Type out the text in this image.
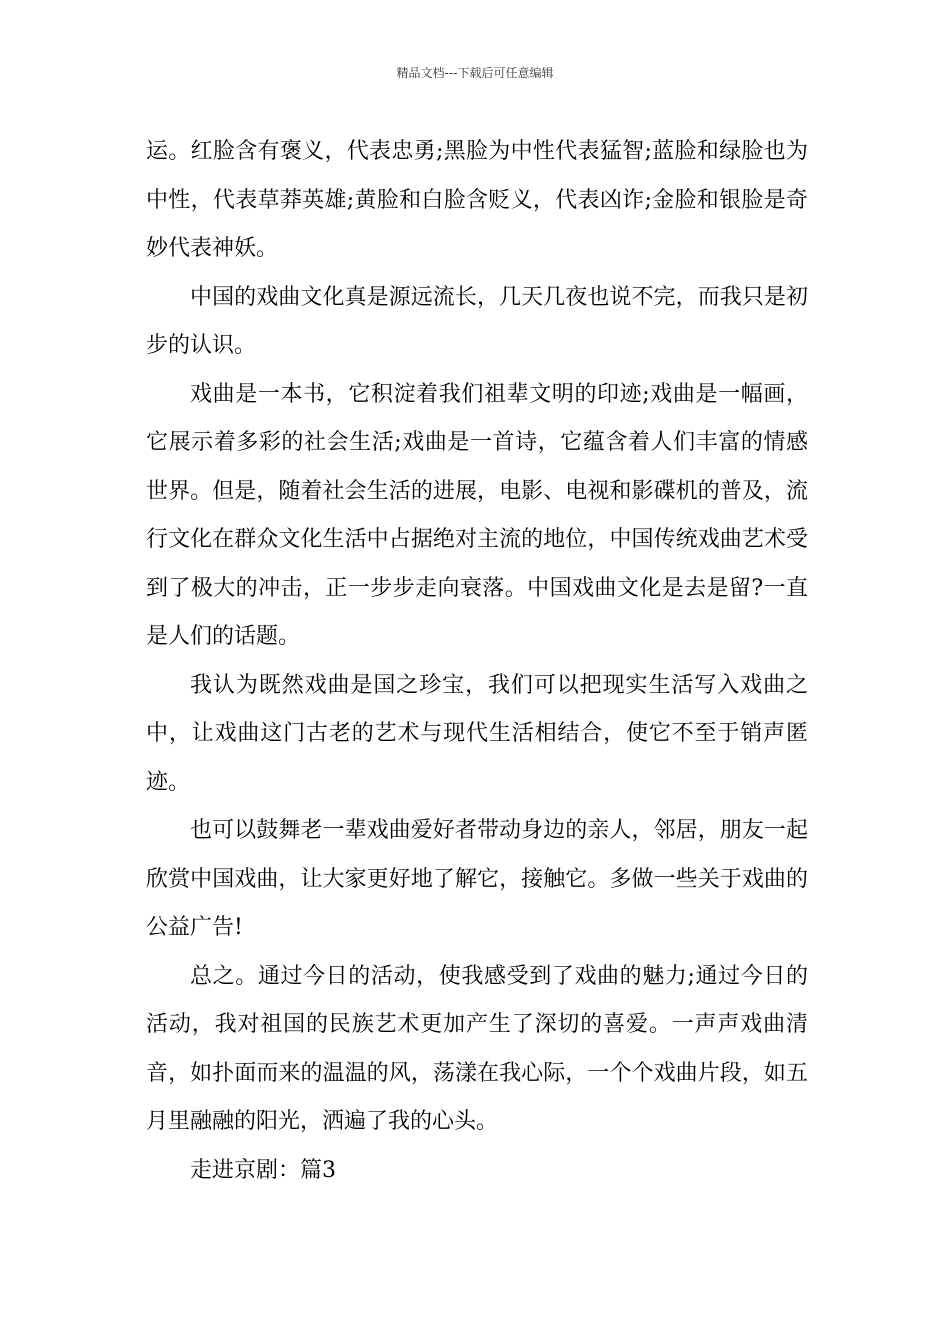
精品文档---下载后可任意编辑

运。红脸含有褒义，代表忠勇;黑脸为中性代表猛智;蓝脸和绿脸也为中性，代表草莽英雄;黄脸和白脸含贬义，代表凶诈;金脸和银脸是奇妙代表神妖。

中国的戏曲文化真是源远流长，几天几夜也说不完，而我只是初步的认识。

戏曲是一本书，它积淀着我们祖辈文明的印迹;戏曲是一幅画，它展示着多彩的社会生活;戏曲是一首诗，它蕴含着人们丰富的情感世界。但是，随着社会生活的进展，电影、电视和影碟机的普及，流行文化在群众文化生活中占据绝对主流的地位，中国传统戏曲艺术受到了极大的冲击，正一步步走向衰落。中国戏曲文化是去是留?一直是人们的话题。

我认为既然戏曲是国之珍宝，我们可以把现实生活写入戏曲之中，让戏曲这门古老的艺术与现代生活相结合，使它不至于销声匿迹。

也可以鼓舞老一辈戏曲爱好者带动身边的亲人，邻居，朋友一起欣赏中国戏曲，让大家更好地了解它，接触它。多做一些关于戏曲的公益广告!

总之。通过今日的活动，使我感受到了戏曲的魅力;通过今日的活动，我对祖国的民族艺术更加产生了深切的喜爱。一声声戏曲清音，如扑面而来的温温的风，荡漾在我心际，一个个戏曲片段，如五月里融融的阳光，洒遍了我的心头。

走进京剧：篇3
